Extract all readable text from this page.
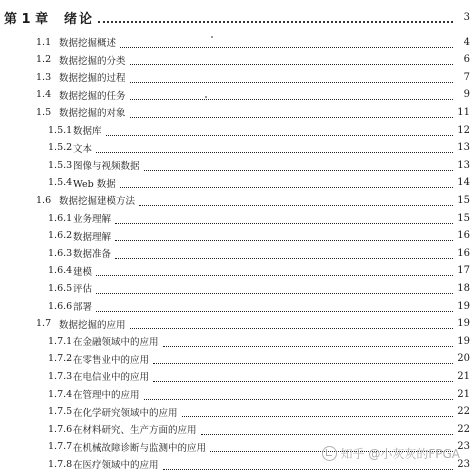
第 1 章	绪论	3
1.1 数据挖掘概述	4
1.2 数据挖掘的分类	6
1.3 数据挖掘的过程	7
1.4 数据挖掘的任务	9
1.5 数据挖掘的对象	11
1.5.1 数据库	12
1.5.2 文本	13
1.5.3 图像与视频数据	13
1.5.4 Web 数据	14
1.6 数据挖掘建模方法	15
1.6.1 业务理解	15
1.6.2 数据理解	16
1.6.3 数据准备	16
1.6.4 建模	17
1.6.5 评估	18
1.6.6 部署	19
1.7 数据挖掘的应用	19
1.7.1 在金融领域中的应用	19
1.7.2 在零售业中的应用	20
1.7.3 在电信业中的应用	21
1.7.4 在管理中的应用	21
1.7.5 在化学研究领域中的应用	22
1.7.6 在材料研究、生产方面的应用	22
1.7.7 在机械故障诊断与监测中的应用	23
1.7.8 在医疗领域中的应用	23
知乎 @小灰灰的FPGA
